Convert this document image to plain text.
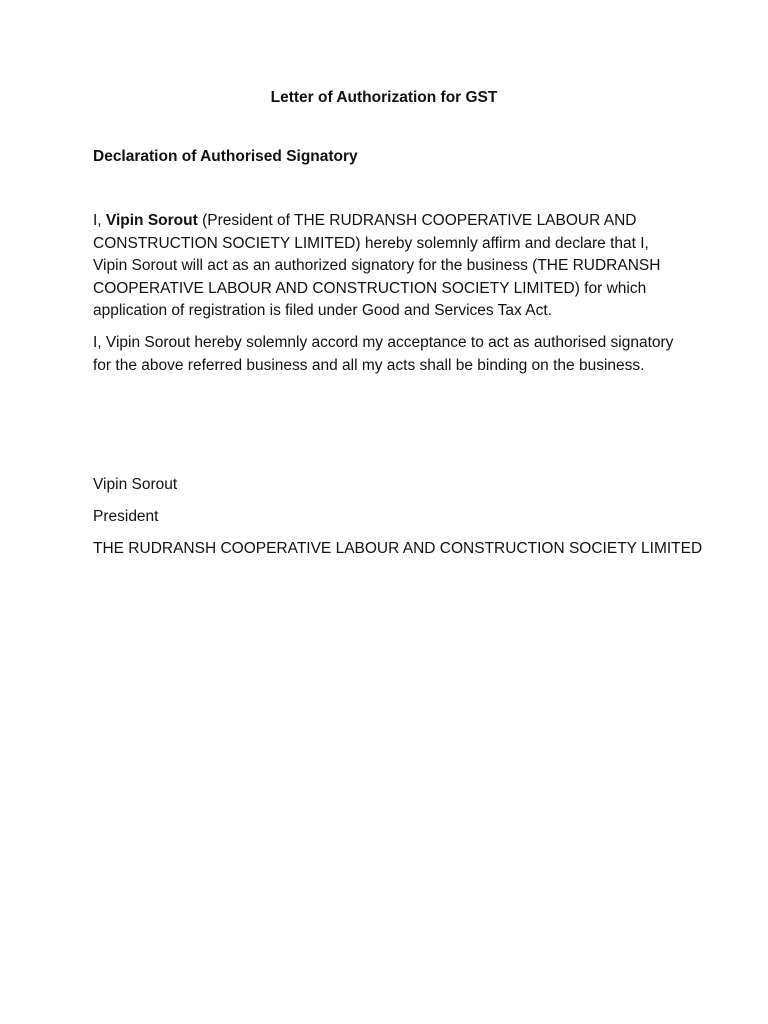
Letter of Authorization for GST
Declaration of Authorised Signatory

I, Vipin Sorout (President of THE RUDRANSH COOPERATIVE LABOUR AND CONSTRUCTION SOCIETY LIMITED) hereby solemnly affirm and declare that I, Vipin Sorout will act as an authorized signatory for the business (THE RUDRANSH COOPERATIVE LABOUR AND CONSTRUCTION SOCIETY LIMITED) for which application of registration is filed under Good and Services Tax Act.

I, Vipin Sorout hereby solemnly accord my acceptance to act as authorised signatory for the above referred business and all my acts shall be binding on the business.

Vipin Sorout
President
THE RUDRANSH COOPERATIVE LABOUR AND CONSTRUCTION SOCIETY LIMITED
